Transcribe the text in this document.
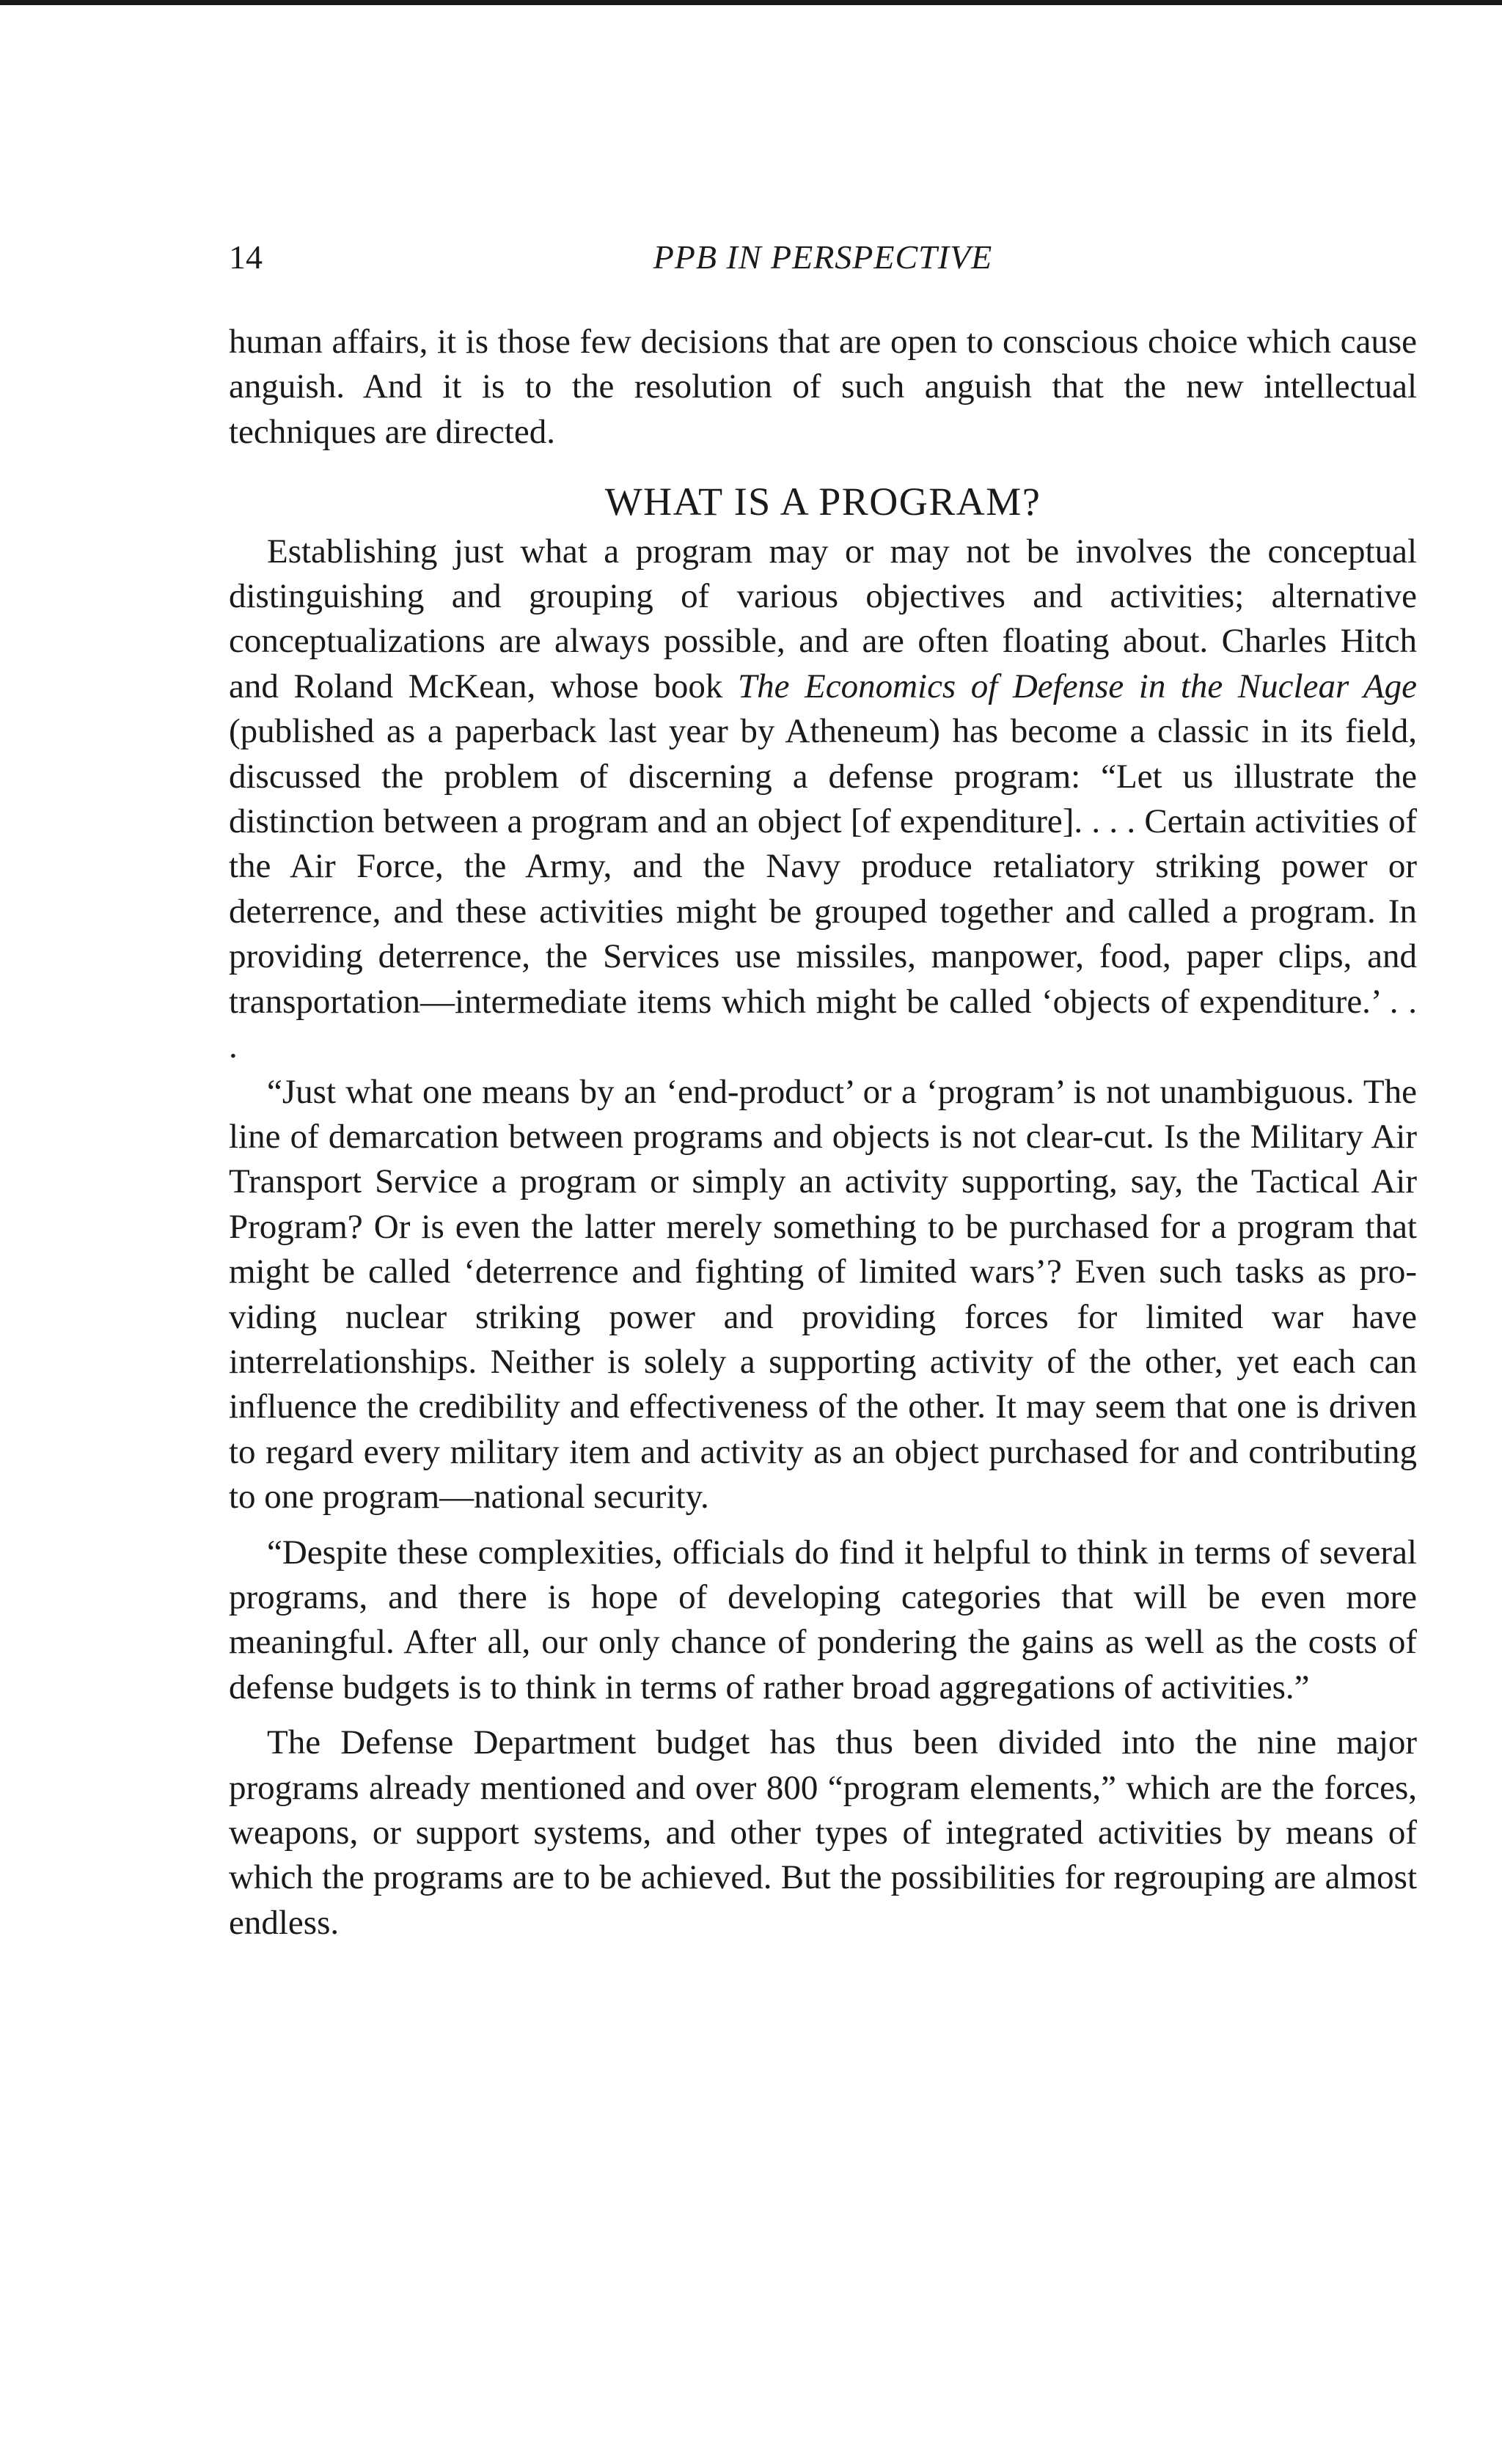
14	PPB IN PERSPECTIVE

human affairs, it is those few decisions that are open to conscious choice which cause anguish. And it is to the resolution of such anguish that the new intellectual techniques are directed.

WHAT IS A PROGRAM?

Establishing just what a program may or may not be involves the conceptual distinguishing and grouping of various objectives and activities; alternative conceptualizations are always possible, and are often floating about. Charles Hitch and Roland McKean, whose book The Economics of Defense in the Nuclear Age (published as a paperback last year by Atheneum) has become a classic in its field, discussed the problem of discerning a defense program: “Let us illustrate the distinction between a program and an object [of expenditure]. . . . Certain activities of the Air Force, the Army, and the Navy produce retaliatory striking power or deterrence, and these activities might be grouped together and called a program. In providing deterrence, the Services use missiles, manpower, food, paper clips, and transportation—intermediate items which might be called ‘objects of expenditure.’ . . .

“Just what one means by an ‘end-product’ or a ‘program’ is not unambiguous. The line of demarcation between programs and objects is not clear-cut. Is the Military Air Transport Service a program or simply an activity supporting, say, the Tactical Air Program? Or is even the latter merely something to be purchased for a program that might be called ‘deterrence and fighting of limited wars’? Even such tasks as providing nuclear striking power and providing forces for limited war have interrelationships. Neither is solely a supporting activity of the other, yet each can influence the credibility and effectiveness of the other. It may seem that one is driven to regard every military item and activity as an object purchased for and contributing to one program—national security.

“Despite these complexities, officials do find it helpful to think in terms of several programs, and there is hope of developing categories that will be even more meaningful. After all, our only chance of pondering the gains as well as the costs of defense budgets is to think in terms of rather broad aggregations of activities.”

The Defense Department budget has thus been divided into the nine major programs already mentioned and over 800 “program elements,” which are the forces, weapons, or support systems, and other types of integrated activities by means of which the programs are to be achieved. But the possibilities for regrouping are almost endless.
